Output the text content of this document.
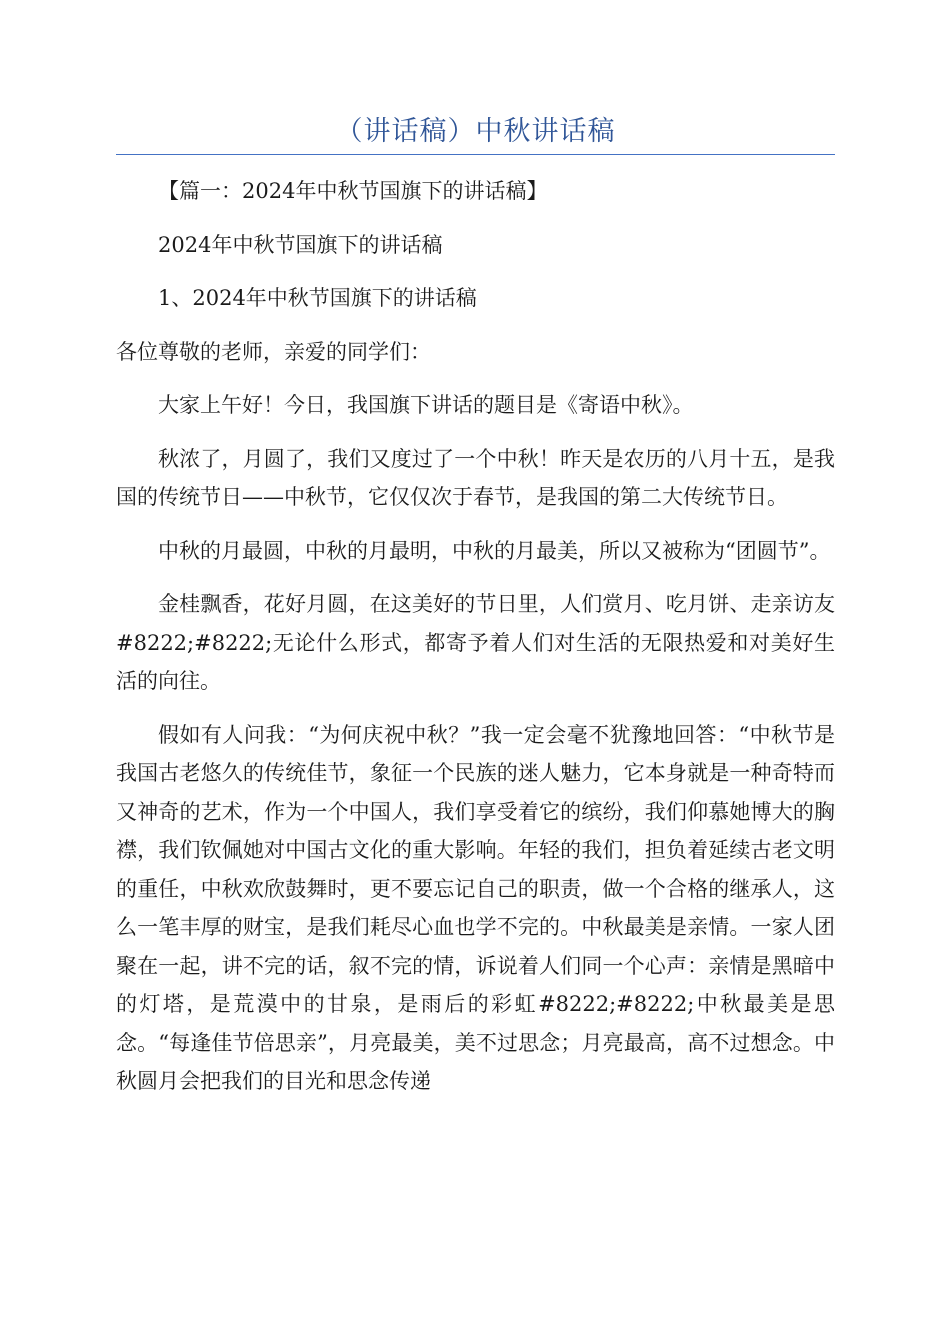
（讲话稿）中秋讲话稿

【篇一：2024年中秋节国旗下的讲话稿】

2024年中秋节国旗下的讲话稿

1、2024年中秋节国旗下的讲话稿

各位尊敬的老师，亲爱的同学们：

大家上午好！今日，我国旗下讲话的题目是《寄语中秋》。

秋浓了，月圆了，我们又度过了一个中秋！昨天是农历的八月十五，是我国的传统节日——中秋节，它仅仅次于春节，是我国的第二大传统节日。

中秋的月最圆，中秋的月最明，中秋的月最美，所以又被称为“团圆节”。

金桂飘香，花好月圆，在这美好的节日里，人们赏月、吃月饼、走亲访友#8222;#8222;无论什么形式，都寄予着人们对生活的无限热爱和对美好生活的向往。

假如有人问我：“为何庆祝中秋？”我一定会毫不犹豫地回答：“中秋节是我国古老悠久的传统佳节，象征一个民族的迷人魅力，它本身就是一种奇特而又神奇的艺术，作为一个中国人，我们享受着它的缤纷，我们仰慕她博大的胸襟，我们钦佩她对中国古文化的重大影响。年轻的我们，担负着延续古老文明的重任，中秋欢欣鼓舞时，更不要忘记自己的职责，做一个合格的继承人，这么一笔丰厚的财宝，是我们耗尽心血也学不完的。中秋最美是亲情。一家人团聚在一起，讲不完的话，叙不完的情，诉说着人们同一个心声：亲情是黑暗中的灯塔，是荒漠中的甘泉，是雨后的彩虹#8222;#8222;中秋最美是思念。“每逢佳节倍思亲”，月亮最美，美不过思念；月亮最高，高不过想念。中秋圆月会把我们的目光和思念传递
